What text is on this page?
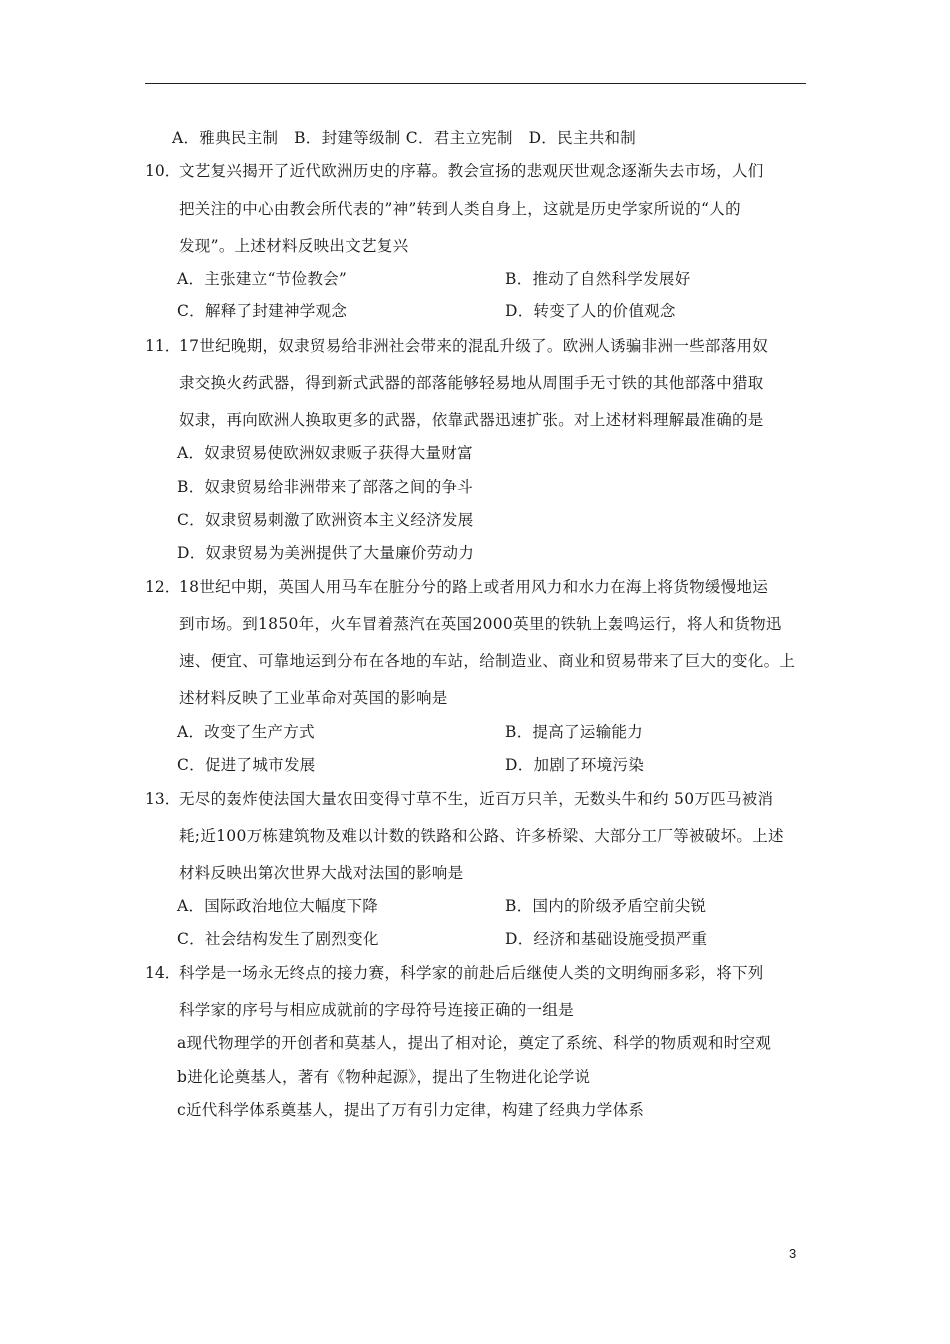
A．雅典民主制　B．封建等级制 C．君主立宪制　D．民主共和制
10．
文艺复兴揭开了近代欧洲历史的序幕。教会宣扬的悲观厌世观念逐渐失去市场，人们
把关注的中心由教会所代表的”神”转到人类自身上，这就是历史学家所说的“人的
发现”。上述材料反映出文艺复兴
A．主张建立“节俭教会”	B．推动了自然科学发展好
C．解释了封建神学观念	D．转变了人的价值观念
11．
17世纪晚期，奴隶贸易给非洲社会带来的混乱升级了。欧洲人诱骗非洲一些部落用奴
隶交换火药武器，得到新式武器的部落能够轻易地从周围手无寸铁的其他部落中猎取
奴隶，再向欧洲人换取更多的武器，依靠武器迅速扩张。对上述材料理解最准确的是
A．奴隶贸易使欧洲奴隶贩子获得大量财富
B．奴隶贸易给非洲带来了部落之间的争斗
C．奴隶贸易刺激了欧洲资本主义经济发展
D．奴隶贸易为美洲提供了大量廉价劳动力
12．
18世纪中期，英国人用马车在脏分兮的路上或者用风力和水力在海上将货物缓慢地运
到市场。到1850年，火车冒着蒸汽在英国2000英里的铁轨上轰鸣运行，将人和货物迅
速、便宜、可靠地运到分布在各地的车站，给制造业、商业和贸易带来了巨大的变化。上
述材料反映了工业革命对英国的影响是
A．改变了生产方式	B．提高了运输能力
C．促进了城市发展	D．加剧了环境污染
13．
无尽的轰炸使法国大量农田变得寸草不生，近百万只羊，无数头牛和约 50万匹马被消
耗;近100万栋建筑物及难以计数的铁路和公路、许多桥梁、大部分工厂等被破坏。上述
材料反映出第次世界大战对法国的影响是
A．国际政治地位大幅度下降	B．国内的阶级矛盾空前尖锐
C．社会结构发生了剧烈变化	D．经济和基础设施受损严重
14．
科学是一场永无终点的接力赛，科学家的前赴后后继使人类的文明绚丽多彩，将下列
科学家的序号与相应成就前的字母符号连接正确的一组是
a现代物理学的开创者和莫基人，提出了相对论，奠定了系统、科学的物质观和时空观
b进化论奠基人，著有《物种起源》，提出了生物进化论学说
c近代科学体系奠基人，提出了万有引力定律，构建了经典力学体系
3
